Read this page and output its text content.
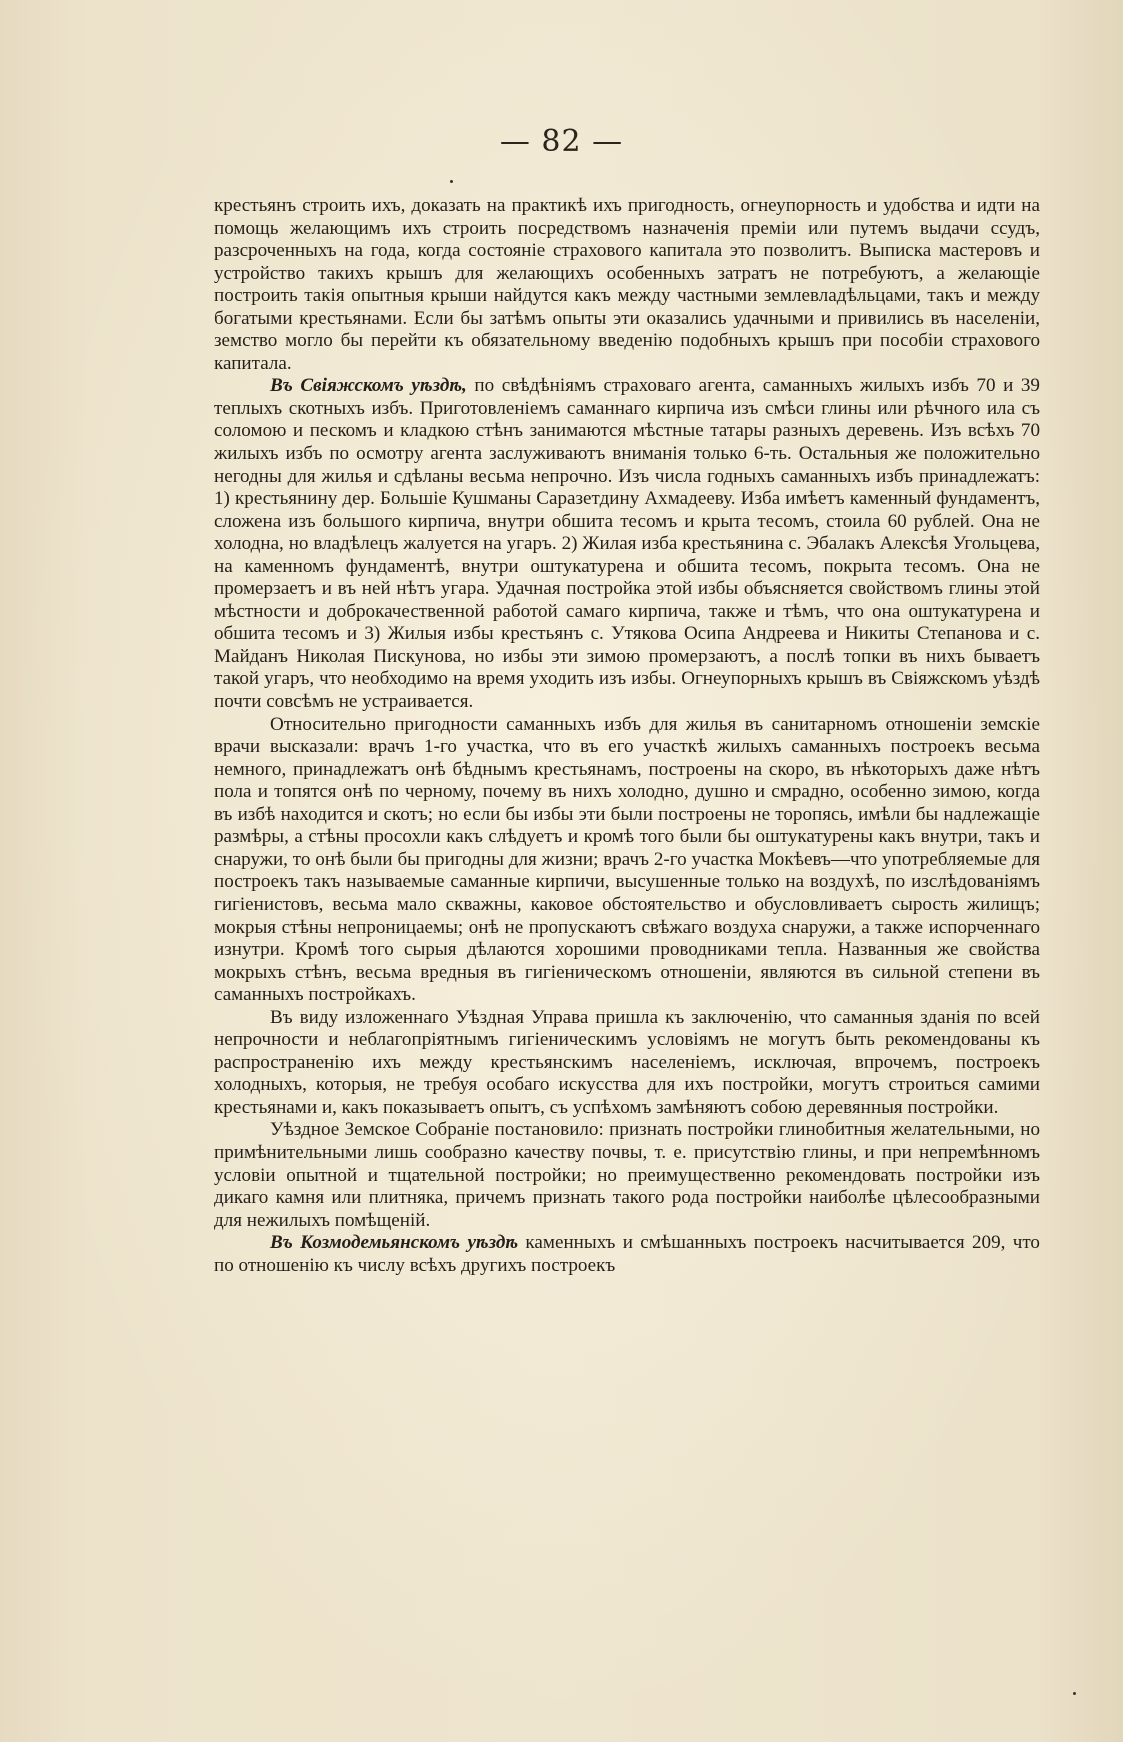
— 82 —

крестьянъ строить ихъ, доказать на практикѣ ихъ пригодность, огнеупорность и удобства и идти на помощь желающимъ ихъ строить посредствомъ назначенія преміи или путемъ выдачи ссудъ, разсроченныхъ на года, когда состояніе страхового капитала это позволитъ. Выписка мастеровъ и устройство такихъ крышъ для желающихъ особенныхъ затратъ не потребуютъ, а желающіе построить такія опытныя крыши найдутся какъ между частными землевладѣльцами, такъ и между богатыми крестьянами. Если бы затѣмъ опыты эти оказались удачными и привились въ населеніи, земство могло бы перейти къ обязательному введенію подобныхъ крышъ при пособіи страхового капитала.

Въ Свіяжскомъ уѣздѣ, по свѣдѣніямъ страховаго агента, саманныхъ жилыхъ избъ 70 и 39 теплыхъ скотныхъ избъ. Приготовленіемъ саманнаго кирпича изъ смѣси глины или рѣчного ила съ соломою и пескомъ и кладкою стѣнъ занимаются мѣстные татары разныхъ деревень. Изъ всѣхъ 70 жилыхъ избъ по осмотру агента заслуживаютъ вниманія только 6-ть. Остальныя же положительно негодны для жилья и сдѣланы весьма непрочно. Изъ числа годныхъ саманныхъ избъ принадлежатъ: 1) крестьянину дер. Большіе Кушманы Саразетдину Ахмадееву. Изба имѣетъ каменный фундаментъ, сложена изъ большого кирпича, внутри обшита тесомъ и крыта тесомъ, стоила 60 рублей. Она не холодна, но владѣлецъ жалуется на угаръ. 2) Жилая изба крестьянина с. Эбалакъ Алексѣя Угольцева, на каменномъ фундаментѣ, внутри оштукатурена и обшита тесомъ, покрыта тесомъ. Она не промерзаетъ и въ ней нѣтъ угара. Удачная постройка этой избы объясняется свойствомъ глины этой мѣстности и доброкачественной работой самаго кирпича, также и тѣмъ, что она оштукатурена и обшита тесомъ и 3) Жилыя избы крестьянъ с. Утякова Осипа Андреева и Никиты Степанова и с. Майданъ Николая Пискунова, но избы эти зимою промерзаютъ, а послѣ топки въ нихъ бываетъ такой угаръ, что необходимо на время уходить изъ избы. Огнеупорныхъ крышъ въ Свіяжскомъ уѣздѣ почти совсѣмъ не устраивается.

Относительно пригодности саманныхъ избъ для жилья въ санитарномъ отношеніи земскіе врачи высказали: врачъ 1-го участка, что въ его участкѣ жилыхъ саманныхъ построекъ весьма немного, принадлежатъ онѣ бѣднымъ крестьянамъ, построены на скоро, въ нѣкоторыхъ даже нѣтъ пола и топятся онѣ по черному, почему въ нихъ холодно, душно и смрадно, особенно зимою, когда въ избѣ находится и скотъ; но если бы избы эти были построены не торопясь, имѣли бы надлежащіе размѣры, а стѣны просохли какъ слѣдуетъ и кромѣ того были бы оштукатурены какъ внутри, такъ и снаружи, то онѣ были бы пригодны для жизни; врачъ 2-го участка Мокѣевъ—что употребляемые для построекъ такъ называемые саманные кирпичи, высушенные только на воздухѣ, по изслѣдованіямъ гигіенистовъ, весьма мало скважны, каковое обстоятельство и обусловливаетъ сырость жилищъ; мокрыя стѣны непроницаемы; онѣ не пропускаютъ свѣжаго воздуха снаружи, а также испорченнаго изнутри. Кромѣ того сырыя дѣлаются хорошими проводниками тепла. Названныя же свойства мокрыхъ стѣнъ, весьма вредныя въ гигіеническомъ отношеніи, являются въ сильной степени въ саманныхъ постройкахъ.

Въ виду изложеннаго Уѣздная Управа пришла къ заключенію, что саманныя зданія по всей непрочности и неблагопріятнымъ гигіеническимъ условіямъ не могутъ быть рекомендованы къ распространенію ихъ между крестьянскимъ населеніемъ, исключая, впрочемъ, построекъ холодныхъ, которыя, не требуя особаго искусства для ихъ постройки, могутъ строиться самими крестьянами и, какъ показываетъ опытъ, съ успѣхомъ замѣняютъ собою деревянныя постройки.

Уѣздное Земское Собраніе постановило: признать постройки глинобитныя желательными, но примѣнительными лишь сообразно качеству почвы, т. е. присутствію глины, и при непремѣнномъ условіи опытной и тщательной постройки; но преимущественно рекомендовать постройки изъ дикаго камня или плитняка, причемъ признать такого рода постройки наиболѣе цѣлесообразными для нежилыхъ помѣщеній.

Въ Козмодемьянскомъ уѣздѣ каменныхъ и смѣшанныхъ построекъ насчитывается 209, что по отношенію къ числу всѣхъ другихъ построекъ
